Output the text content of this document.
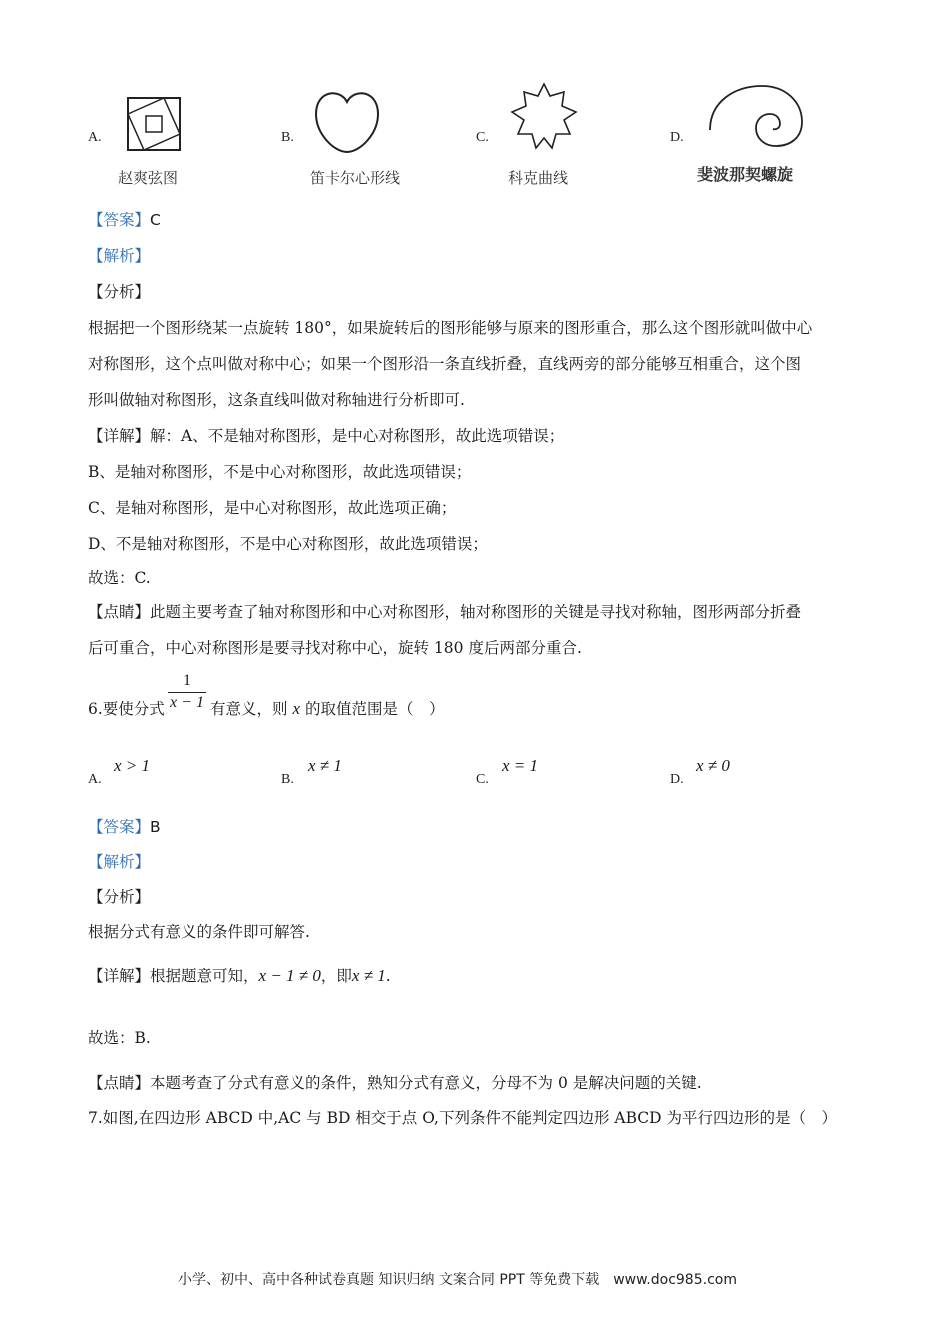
A.
赵爽弦图
B.
笛卡尔心形线
C.
科克曲线
D.
斐波那契螺旋
【答案】C
【解析】
【分析】
根据把一个图形绕某一点旋转 180°，如果旋转后的图形能够与原来的图形重合，那么这个图形就叫做中心
对称图形，这个点叫做对称中心；如果一个图形沿一条直线折叠，直线两旁的部分能够互相重合，这个图
形叫做轴对称图形，这条直线叫做对称轴进行分析即可.
【详解】解：A、不是轴对称图形，是中心对称图形，故此选项错误；
B、是轴对称图形，不是中心对称图形，故此选项错误；
C、是轴对称图形，是中心对称图形，故此选项正确；
D、不是轴对称图形，不是中心对称图形，故此选项错误；
故选：C.
【点睛】此题主要考查了轴对称图形和中心对称图形，轴对称图形的关键是寻找对称轴，图形两部分折叠
后可重合，中心对称图形是要寻找对称中心，旋转 180 度后两部分重合.
6.要使分式
1
x − 1 有意义，则 x 的取值范围是（　）
A.
x > 1
B.
x ≠ 1
C.
x = 1
D.
x ≠ 0
【答案】B
【解析】
【分析】
根据分式有意义的条件即可解答.
【详解】根据题意可知，x − 1 ≠ 0，即x ≠ 1.
故选：B.
【点睛】本题考查了分式有意义的条件，熟知分式有意义，分母不为 0 是解决问题的关键.
7.如图,在四边形 ABCD 中,AC 与 BD 相交于点 O,下列条件不能判定四边形 ABCD 为平行四边形的是（　）
小学、初中、高中各种试卷真题 知识归纳 文案合同 PPT 等免费下载　www.doc985.com
